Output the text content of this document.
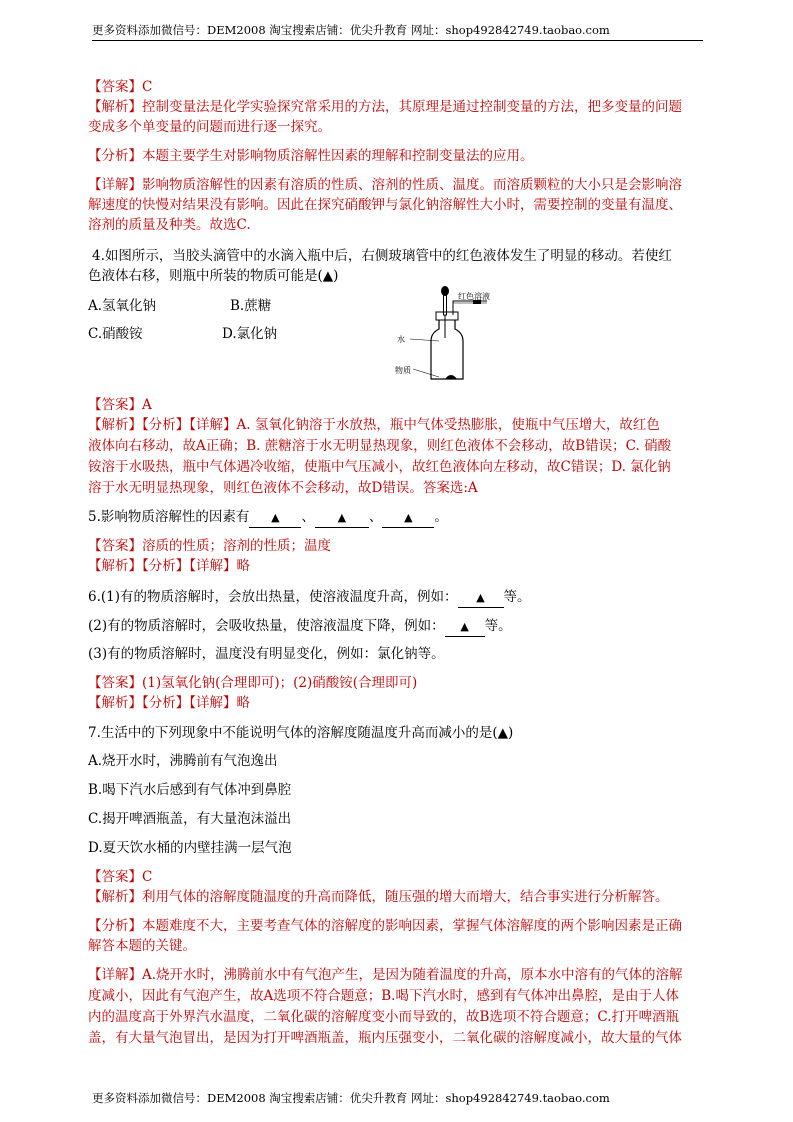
更多资料添加微信号：DEM2008 淘宝搜索店铺：优尖升教育 网址：shop492842749.taobao.com
【答案】C
【解析】控制变量法是化学实验探究常采用的方法，其原理是通过控制变量的方法，把多变量的问题
变成多个单变量的问题而进行逐一探究。
【分析】本题主要学生对影响物质溶解性因素的理解和控制变量法的应用。
【详解】影响物质溶解性的因素有溶质的性质、溶剂的性质、温度。而溶质颗粒的大小只是会影响溶
解速度的快慢对结果没有影响。因此在探究硝酸钾与氯化钠溶解性大小时，需要控制的变量有温度、
溶剂的质量及种类。故选C.
4.如图所示，当胶头滴管中的水滴入瓶中后，右侧玻璃管中的红色液体发生了明显的移动。若使红
色液体右移，则瓶中所装的物质可能是(▲)
A.氢氧化钠	B.蔗糖
C.硝酸铵	D.氯化钠
红色溶液
水
物质
【答案】A
【解析】【分析】【详解】A. 氢氧化钠溶于水放热，瓶中气体受热膨胀，使瓶中气压增大，故红色
液体向右移动，故A正确；B. 蔗糖溶于水无明显热现象，则红色液体不会移动，故B错误；C. 硝酸
铵溶于水吸热，瓶中气体遇冷收缩，使瓶中气压减小，故红色液体向左移动，故C错误；D. 氯化钠
溶于水无明显热现象，则红色液体不会移动，故D错误。答案选:A
5.影响物质溶解性的因素有 ▲ 、 ▲ 、 ▲ 。
【答案】溶质的性质；溶剂的性质；温度
【解析】【分析】【详解】略
6.(1)有的物质溶解时，会放出热量，使溶液温度升高，例如： ▲ 等。
(2)有的物质溶解时，会吸收热量，使溶液温度下降，例如： ▲ 等。
(3)有的物质溶解时，温度没有明显变化，例如：氯化钠等。
【答案】(1)氢氧化钠(合理即可)；(2)硝酸铵(合理即可)
【解析】【分析】【详解】略
7.生活中的下列现象中不能说明气体的溶解度随温度升高而减小的是(▲)
A.烧开水时，沸腾前有气泡逸出
B.喝下汽水后感到有气体冲到鼻腔
C.揭开啤酒瓶盖，有大量泡沫溢出
D.夏天饮水桶的内壁挂满一层气泡
【答案】C
【解析】利用气体的溶解度随温度的升高而降低，随压强的增大而增大，结合事实进行分析解答。
【分析】本题难度不大，主要考查气体的溶解度的影响因素，掌握气体溶解度的两个影响因素是正确
解答本题的关键。
【详解】A.烧开水时，沸腾前水中有气泡产生，是因为随着温度的升高，原本水中溶有的气体的溶解
度减小，因此有气泡产生，故A选项不符合题意；B.喝下汽水时，感到有气体冲出鼻腔，是由于人体
内的温度高于外界汽水温度，二氧化碳的溶解度变小而导致的，故B选项不符合题意；C.打开啤酒瓶
盖，有大量气泡冒出，是因为打开啤酒瓶盖，瓶内压强变小，二氧化碳的溶解度减小，故大量的气体
更多资料添加微信号：DEM2008 淘宝搜索店铺：优尖升教育 网址：shop492842749.taobao.com
